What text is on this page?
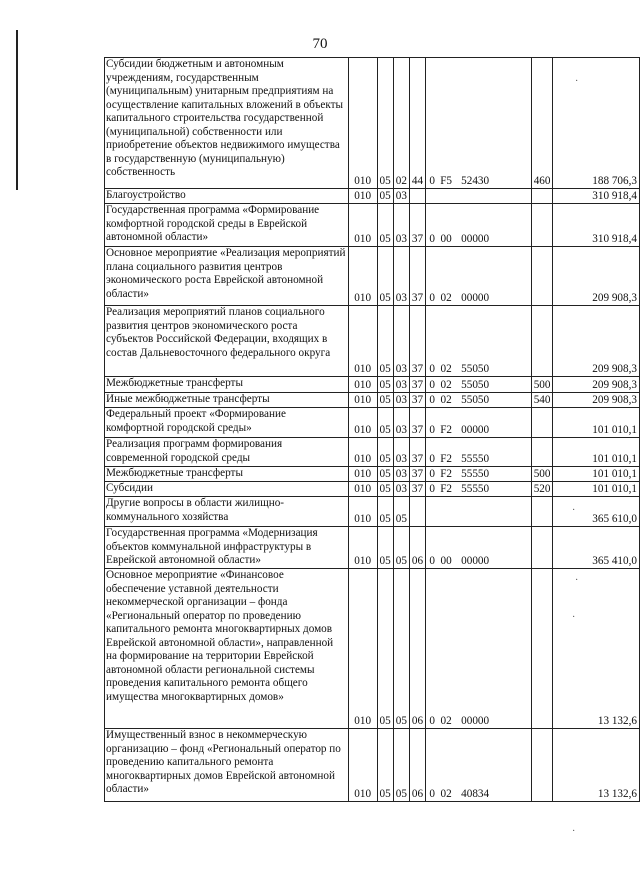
70
Субсидии бюджетным и автономным учреждениям, государственным (муниципальным) унитарным предприятиям на осуществление капитальных вложений в объекты капитального строительства государственной (муниципальной) собственности или приобретение объектов недвижимого имущества в государственную (муниципальную) собственность	010	05	02	44	0 F5 52430	460	188 706,3
Благоустройство	010	05	03				310 918,4
Государственная программа «Формирование комфортной городской среды в Еврейской автономной области»	010	05	03	37	0 00 00000		310 918,4
Основное мероприятие «Реализация мероприятий плана социального развития центров экономического роста Еврейской автономной области»	010	05	03	37	0 02 00000		209 908,3
Реализация мероприятий планов социального развития центров экономического роста субъектов Российской Федерации, входящих в состав Дальневосточного федерального округа	010	05	03	37	0 02 55050		209 908,3
Межбюджетные трансферты	010	05	03	37	0 02 55050	500	209 908,3
Иные межбюджетные трансферты	010	05	03	37	0 02 55050	540	209 908,3
Федеральный проект «Формирование комфортной городской среды»	010	05	03	37	0 F2 00000		101 010,1
Реализация программ формирования современной городской среды	010	05	03	37	0 F2 55550		101 010,1
Межбюджетные трансферты	010	05	03	37	0 F2 55550	500	101 010,1
Субсидии	010	05	03	37	0 F2 55550	520	101 010,1
Другие вопросы в области жилищно-коммунального хозяйства	010	05	05				365 610,0
Государственная программа «Модернизация объектов коммунальной инфраструктуры в Еврейской автономной области»	010	05	05	06	0 00 00000		365 410,0
Основное мероприятие «Финансовое обеспечение уставной деятельности некоммерческой организации – фонда «Региональный оператор по проведению капитального ремонта многоквартирных домов Еврейской автономной области», направленной на формирование на территории Еврейской автономной области региональной системы проведения капитального ремонта общего имущества многоквартирных домов»	010	05	05	06	0 02 00000		13 132,6
Имущественный взнос в некоммерческую организацию – фонд «Региональный оператор по проведению капитального ремонта многоквартирных домов Еврейской автономной области»	010	05	05	06	0 02 40834		13 132,6
·
·
·
·
·
